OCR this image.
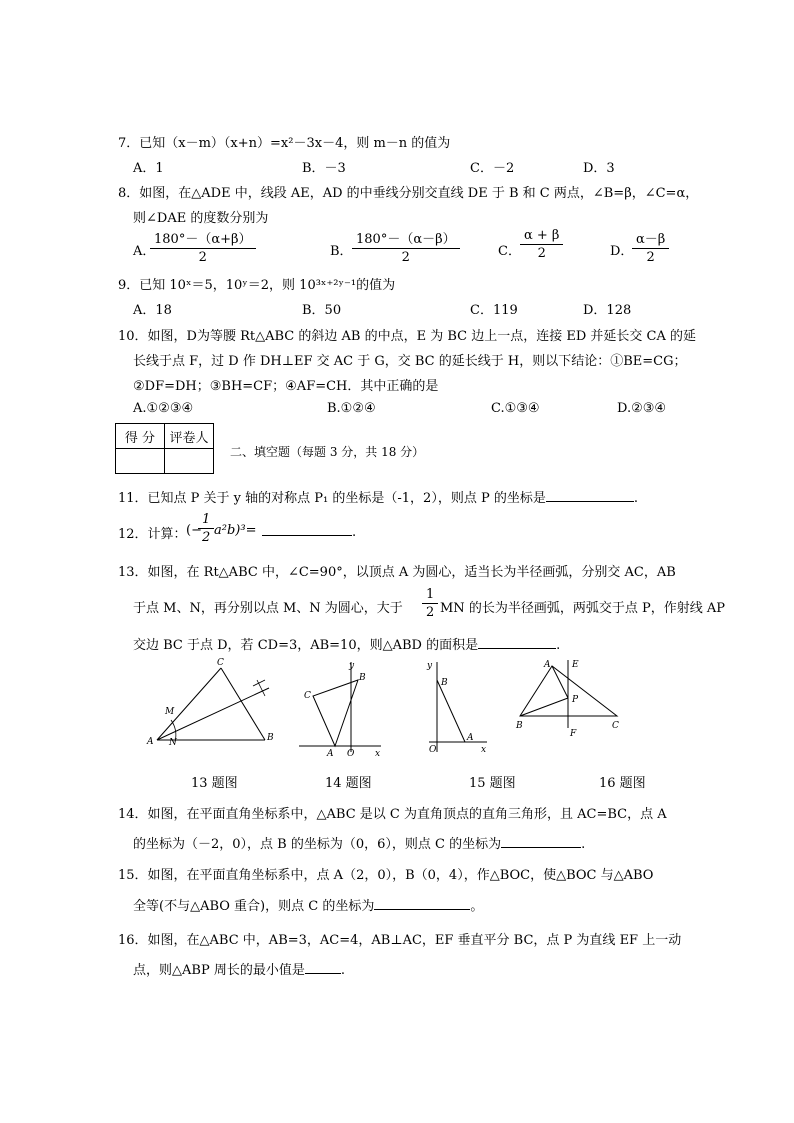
7．已知（x－m）（x+n）=x²－3x－4，则 m－n 的值为
A．1	B．－3	C．－2	D．3
8．如图，在△ADE 中，线段 AE，AD 的中垂线分别交直线 DE 于 B 和 C 两点，∠B=β，∠C=α，
则∠DAE 的度数分别为
A．
$\frac{180^\circ-(\alpha+\beta)}{2}$	B． $\frac{180^\circ-(\alpha-\beta)}{2}$	C． $\frac{\alpha + \beta}{2}$	D．
$\frac{\alpha-\beta}{2}$
9．已知 10ˣ＝5，10ʸ＝2，则 10³ˣ⁺²ʸ⁻¹的值为
A．18	B．50	C．119	D．128
10．如图，D为等腰 Rt△ABC 的斜边 AB 的中点，E 为 BC 边上一点，连接 ED 并延长交 CA 的延
长线于点 F，过 D 作 DH⊥EF 交 AC 于 G，交 BC 的延长线于 H，则以下结论：①BE=CG；
②DF=DH；③BH=CF；④AF=CH．其中正确的是
A.①②③④	B.①②④	C.①③④	D.②③④
得 分	评卷人

二、填空题（每题 3 分，共 18 分）
11．已知点 P 关于 y 轴的对称点 P₁ 的坐标是（-1，2），则点 P 的坐标是	.
12．计算： (−
$\frac{1}{2} a^2b)^3=$	.
13．如图，在 Rt△ABC 中，∠C=90°，以顶点 A 为圆心，适当长为半径画弧，分别交 AC，AB
于点 M、N，再分别以点 M、N 为圆心，大于 $\frac{1}{2}$ MN 的长为半径画弧，两弧交于点 P，作射线 AP
交边 BC 于点 D，若 CD=3，AB=10，则△ABD 的面积是	.
C
M
A N	B
13 题图
y
B
C
A O x
14 题图
y
B
O
A
x
15 题图
A E
P
B
F
C
16 题图
14．如图，在平面直角坐标系中，△ABC 是以 C 为直角顶点的直角三角形，且 AC=BC，点 A
的坐标为（－2，0），点 B 的坐标为（0，6），则点 C 的坐标为	.
15．如图，在平面直角坐标系中，点 A（2，0），B（0，4），作△BOC，使△BOC 与△ABO
全等(不与△ABO 重合)，则点 C 的坐标为	。
16．如图，在△ABC 中，AB=3，AC=4，AB⊥AC，EF 垂直平分 BC，点 P 为直线 EF 上一动
点，则△ABP 周长的最小值是	.
